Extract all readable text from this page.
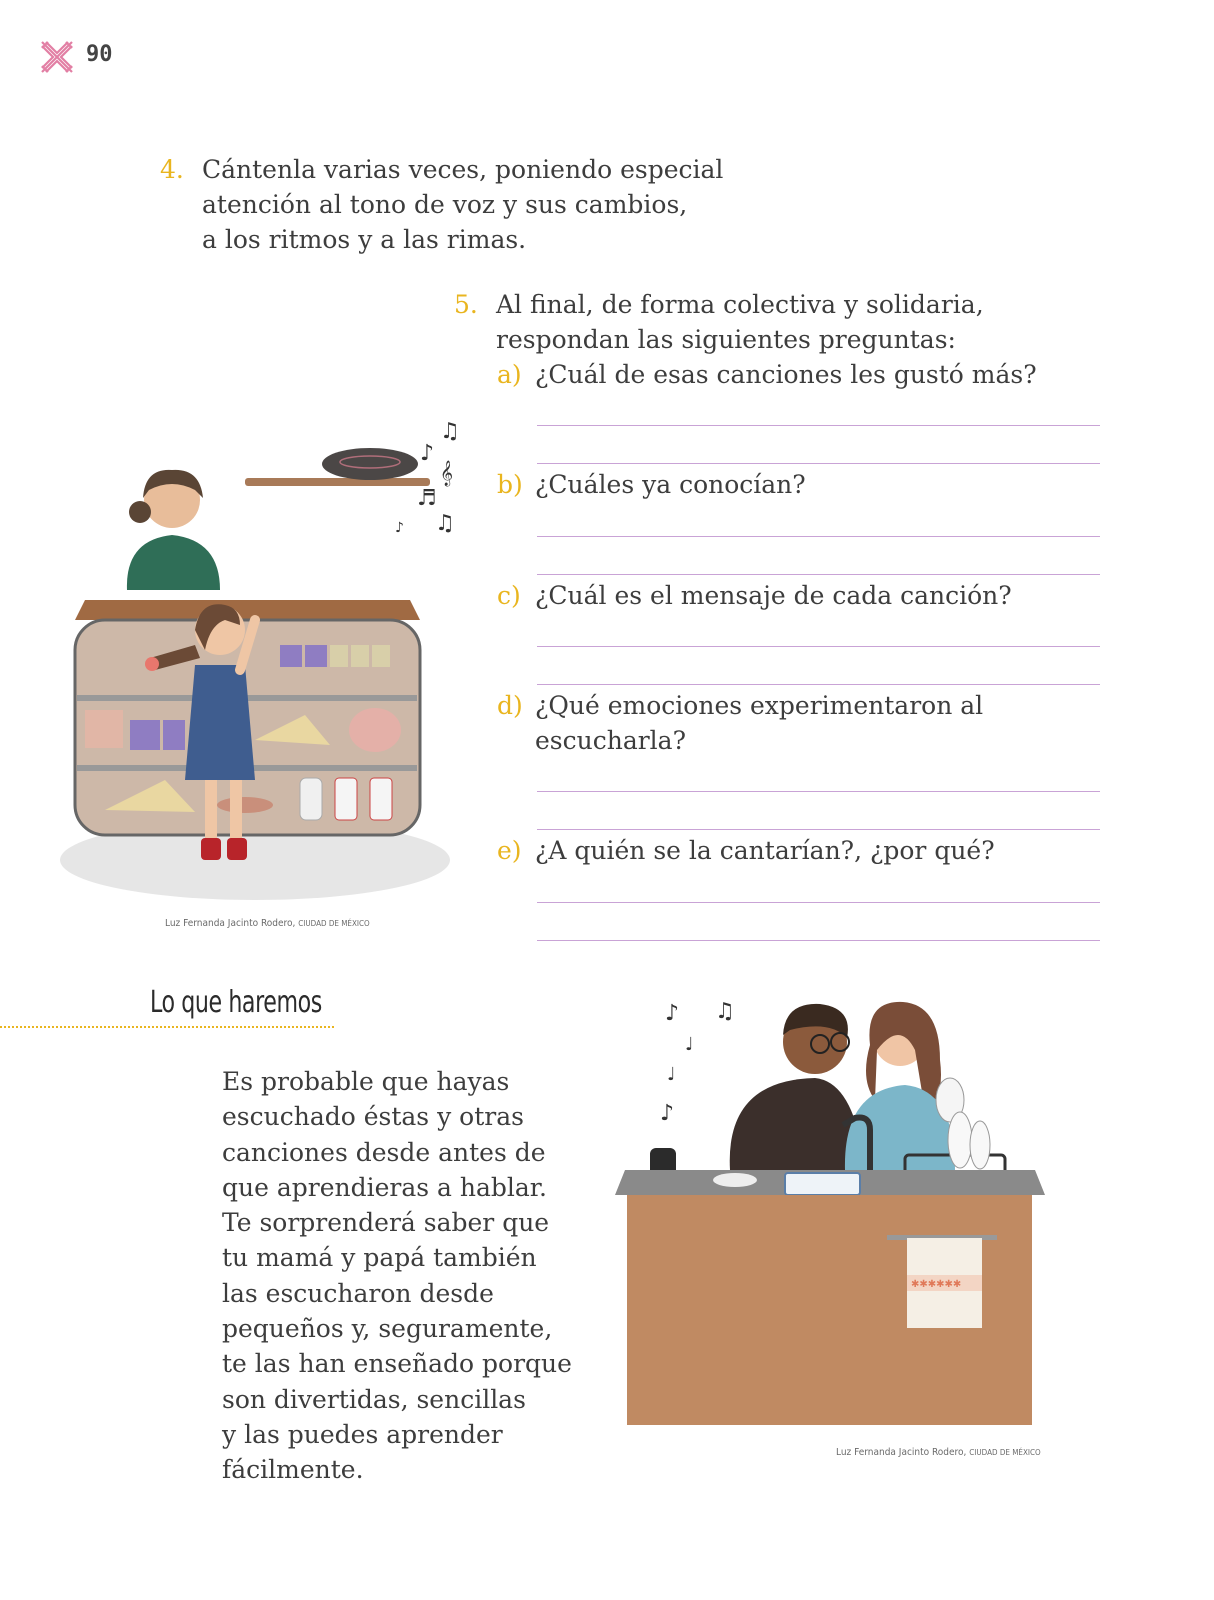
90
4. Cántenla varias veces, poniendo especial
atención al tono de voz y sus cambios,
a los ritmos y a las rimas.
5. Al final, de forma colectiva y solidaria,
respondan las siguientes preguntas:
a) ¿Cuál de esas canciones les gustó más?
b) ¿Cuáles ya conocían?
c) ¿Cuál es el mensaje de cada canción?
d) ¿Qué emociones experimentaron al
escucharla?
e) ¿A quién se la cantarían?, ¿por qué?
♫
♪
𝄞
♬
♫
♪
Luz Fernanda Jacinto Rodero, CIUDAD DE MÉXICO
Lo que haremos
Es probable que hayas
escuchado éstas y otras
canciones desde antes de
que aprendieras a hablar.
Te sorprenderá saber que
tu mamá y papá también
las escucharon desde
pequeños y, seguramente,
te las han enseñado porque
son divertidas, sencillas
y las puedes aprender
fácilmente.
♪ ♫
♩
♩
♪
✱✱✱✱✱✱
Luz Fernanda Jacinto Rodero, CIUDAD DE MÉXICO
